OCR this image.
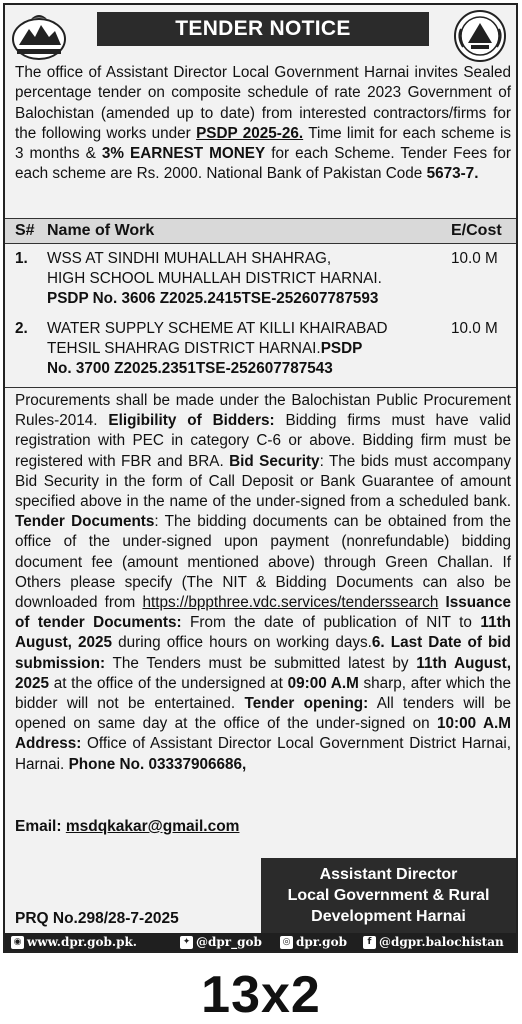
TENDER NOTICE

The office of Assistant Director Local Government Harnai invites Sealed percentage tender on composite schedule of rate 2023 Government of Balochistan (amended up to date) from interested contractors/firms for the following works under PSDP 2025-26. Time limit for each scheme is 3 months & 3% EARNEST MONEY for each Scheme. Tender Fees for each scheme are Rs. 2000. National Bank of Pakistan Code 5673-7.

S# Name of Work	E/Cost
1. WSS AT SINDHI MUHALLAH SHAHRAG,
HIGH SCHOOL MUHALLAH DISTRICT HARNAI.
PSDP No. 3606 Z2025.2415TSE-252607787593
10.0 M
2. WATER SUPPLY SCHEME AT KILLI KHAIRABAD
TEHSIL SHAHRAG DISTRICT HARNAI.PSDP
No. 3700 Z2025.2351TSE-252607787543
10.0 M

Procurements shall be made under the Balochistan Public Procurement Rules-2014. Eligibility of Bidders: Bidding firms must have valid registration with PEC in category C-6 or above. Bidding firm must be registered with FBR and BRA. Bid Security: The bids must accompany Bid Security in the form of Call Deposit or Bank Guarantee of amount specified above in the name of the under-signed from a scheduled bank. Tender Documents: The bidding documents can be obtained from the office of the under-signed upon payment (nonrefundable) bidding document fee (amount mentioned above) through Green Challan. If Others please specify (The NIT & Bidding Documents can also be downloaded from https://bppthree.vdc.services/tenderssearch Issuance of tender Documents: From the date of publication of NIT to 11th August, 2025 during office hours on working days.6. Last Date of bid submission: The Tenders must be submitted latest by 11th August, 2025 at the office of the undersigned at 09:00 A.M sharp, after which the bidder will not be entertained. Tender opening: All tenders will be opened on same day at the office of the under-signed on 10:00 A.M Address: Office of Assistant Director Local Government District Harnai, Harnai. Phone No. 03337906686,

Email: msdqkakar@gmail.com
Assistant Director
Local Government & Rural
Development Harnai
PRQ No.298/28-7-2025
◉ www.dpr.gob.pk.	✦ @dpr_gob ◎ dpr.gob	f @dgpr.balochistan
13x2
